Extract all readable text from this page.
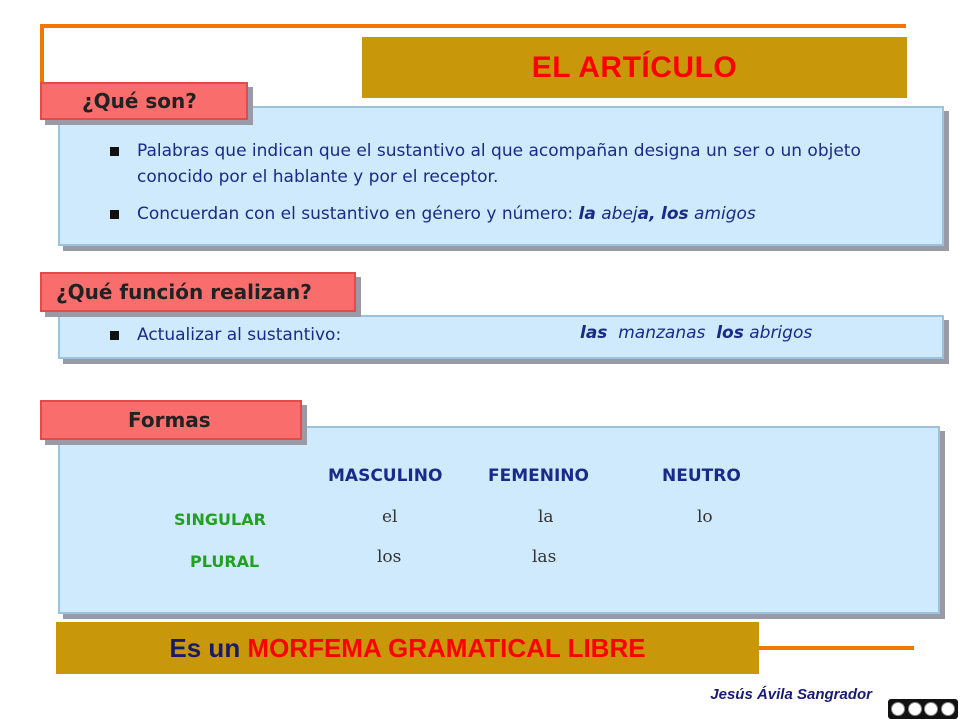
EL ARTÍCULO
¿Qué son?
Palabras que indican que el sustantivo al que acompañan designa un ser o un objeto conocido por el hablante y por el receptor.
Concuerdan con el sustantivo en género y número: la abeja, los amigos
¿Qué función realizan?
Actualizar al sustantivo:	las
manzanas
los
abrigos
Formas
MASCULINO	FEMENINO	NEUTRO
SINGULAR	el	la	lo
PLURAL	los	las
Es un MORFEMA GRAMATICAL LIBRE
Jesús Ávila Sangrador
